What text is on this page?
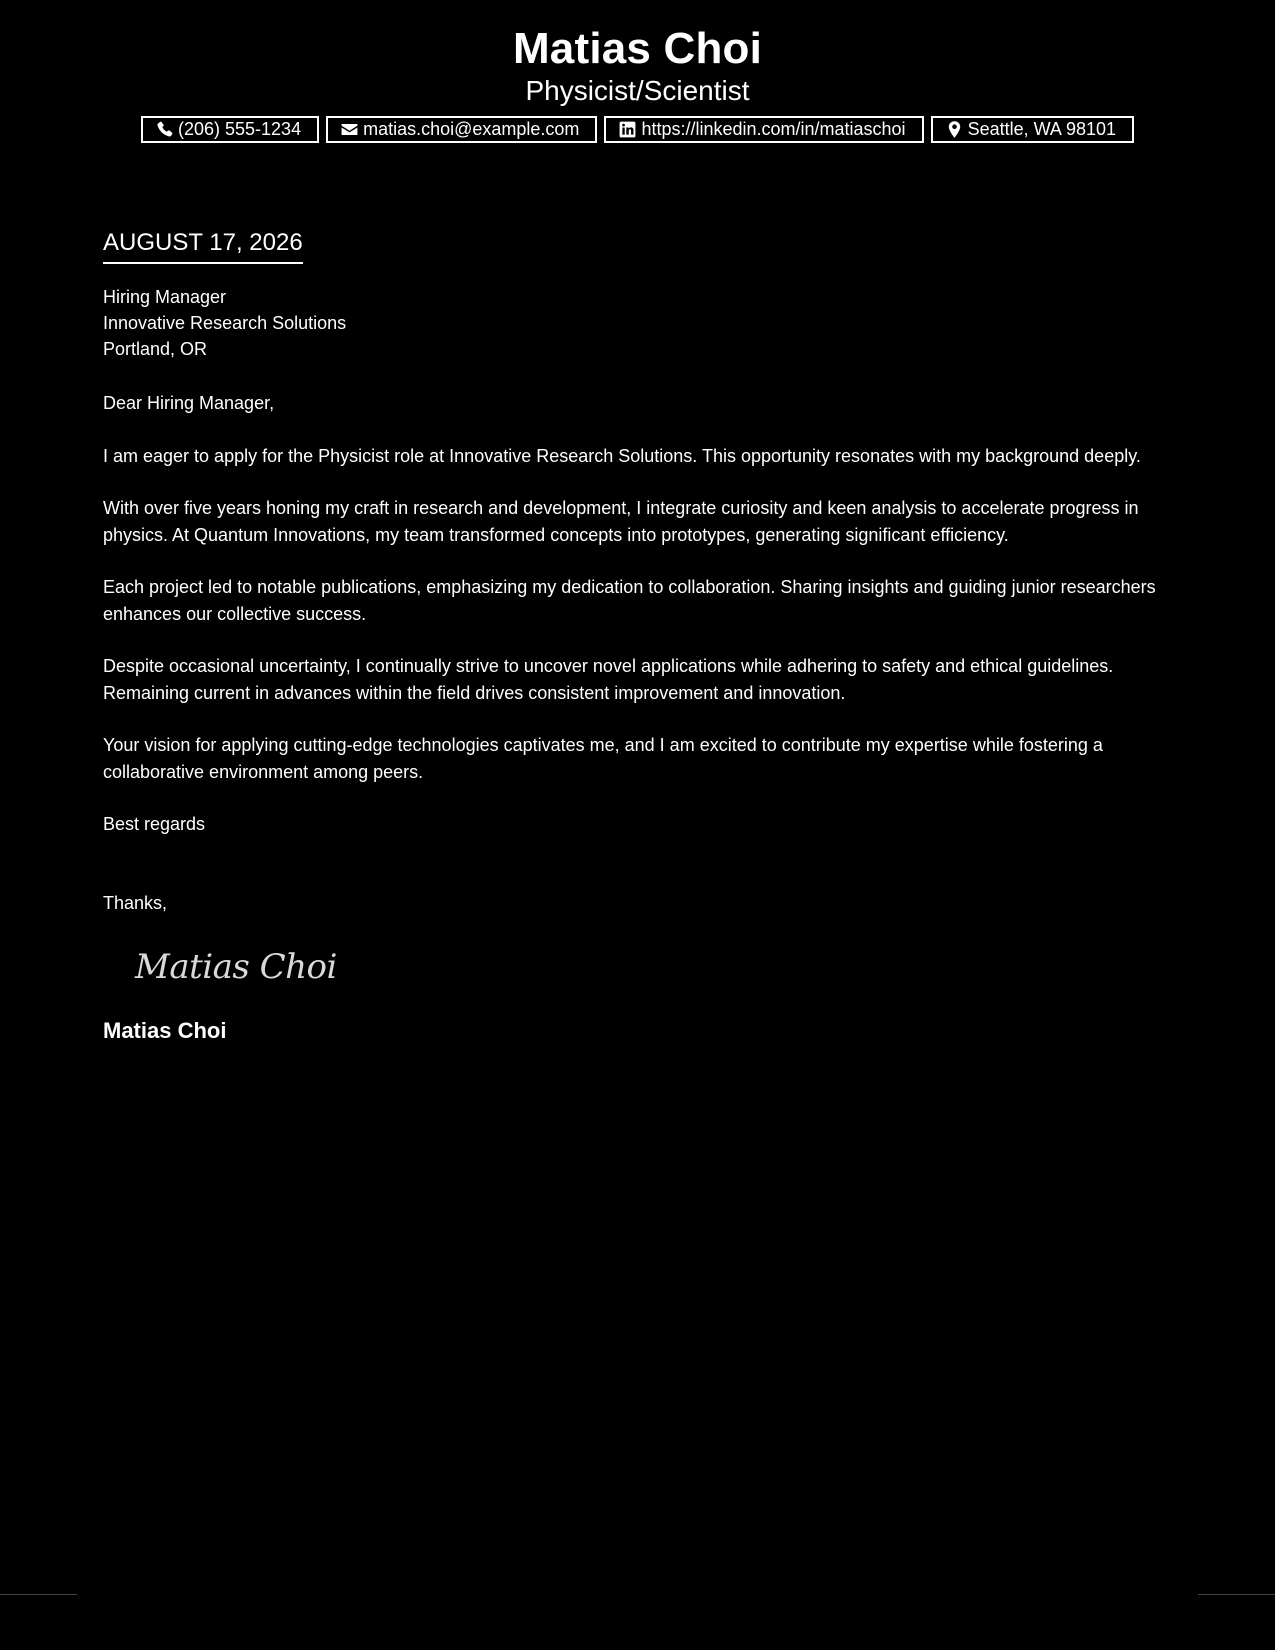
Matias Choi
Physicist/Scientist
(206) 555-1234	matias.choi@example.com	https://linkedin.com/in/matiaschoi	Seattle, WA 98101
AUGUST 17, 2026
Hiring Manager
Innovative Research Solutions
Portland, OR
Dear Hiring Manager,

I am eager to apply for the Physicist role at Innovative Research Solutions. This opportunity resonates with my background deeply.

With over five years honing my craft in research and development, I integrate curiosity and keen analysis to accelerate progress in physics. At Quantum Innovations, my team transformed concepts into prototypes, generating significant efficiency.

Each project led to notable publications, emphasizing my dedication to collaboration. Sharing insights and guiding junior researchers enhances our collective success.

Despite occasional uncertainty, I continually strive to uncover novel applications while adhering to safety and ethical guidelines. Remaining current in advances within the field drives consistent improvement and innovation.

Your vision for applying cutting-edge technologies captivates me, and I am excited to contribute my expertise while fostering a collaborative environment among peers.

Best regards
Thanks,
Matias Choi
Matias Choi
